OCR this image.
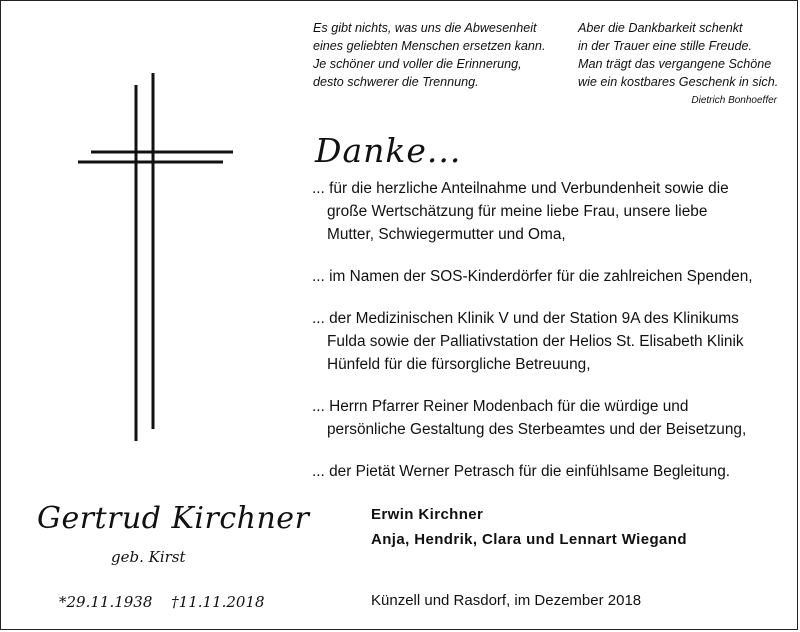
Es gibt nichts, was uns die Abwesenheit
eines geliebten Menschen ersetzen kann.
Je schöner und voller die Erinnerung,
desto schwerer die Trennung.
Aber die Dankbarkeit schenkt
in der Trauer eine stille Freude.
Man trägt das vergangene Schöne
wie ein kostbares Geschenk in sich.
Dietrich Bonhoeffer
Danke...
... für die herzliche Anteilnahme und Verbundenheit sowie die
große Wertschätzung für meine liebe Frau, unsere liebe
Mutter, Schwiegermutter und Oma,
... im Namen der SOS-Kinderdörfer für die zahlreichen Spenden,
... der Medizinischen Klinik V und der Station 9A des Klinikums
Fulda sowie der Palliativstation der Helios St. Elisabeth Klinik
Hünfeld für die fürsorgliche Betreuung,
... Herrn Pfarrer Reiner Modenbach für die würdige und
persönliche Gestaltung des Sterbeamtes und der Beisetzung,
... der Pietät Werner Petrasch für die einfühlsame Begleitung.
Gertrud Kirchner
geb. Kirst
*29.11.1938 †11.11.2018
Erwin Kirchner
Anja, Hendrik, Clara und Lennart Wiegand
Künzell und Rasdorf, im Dezember 2018
